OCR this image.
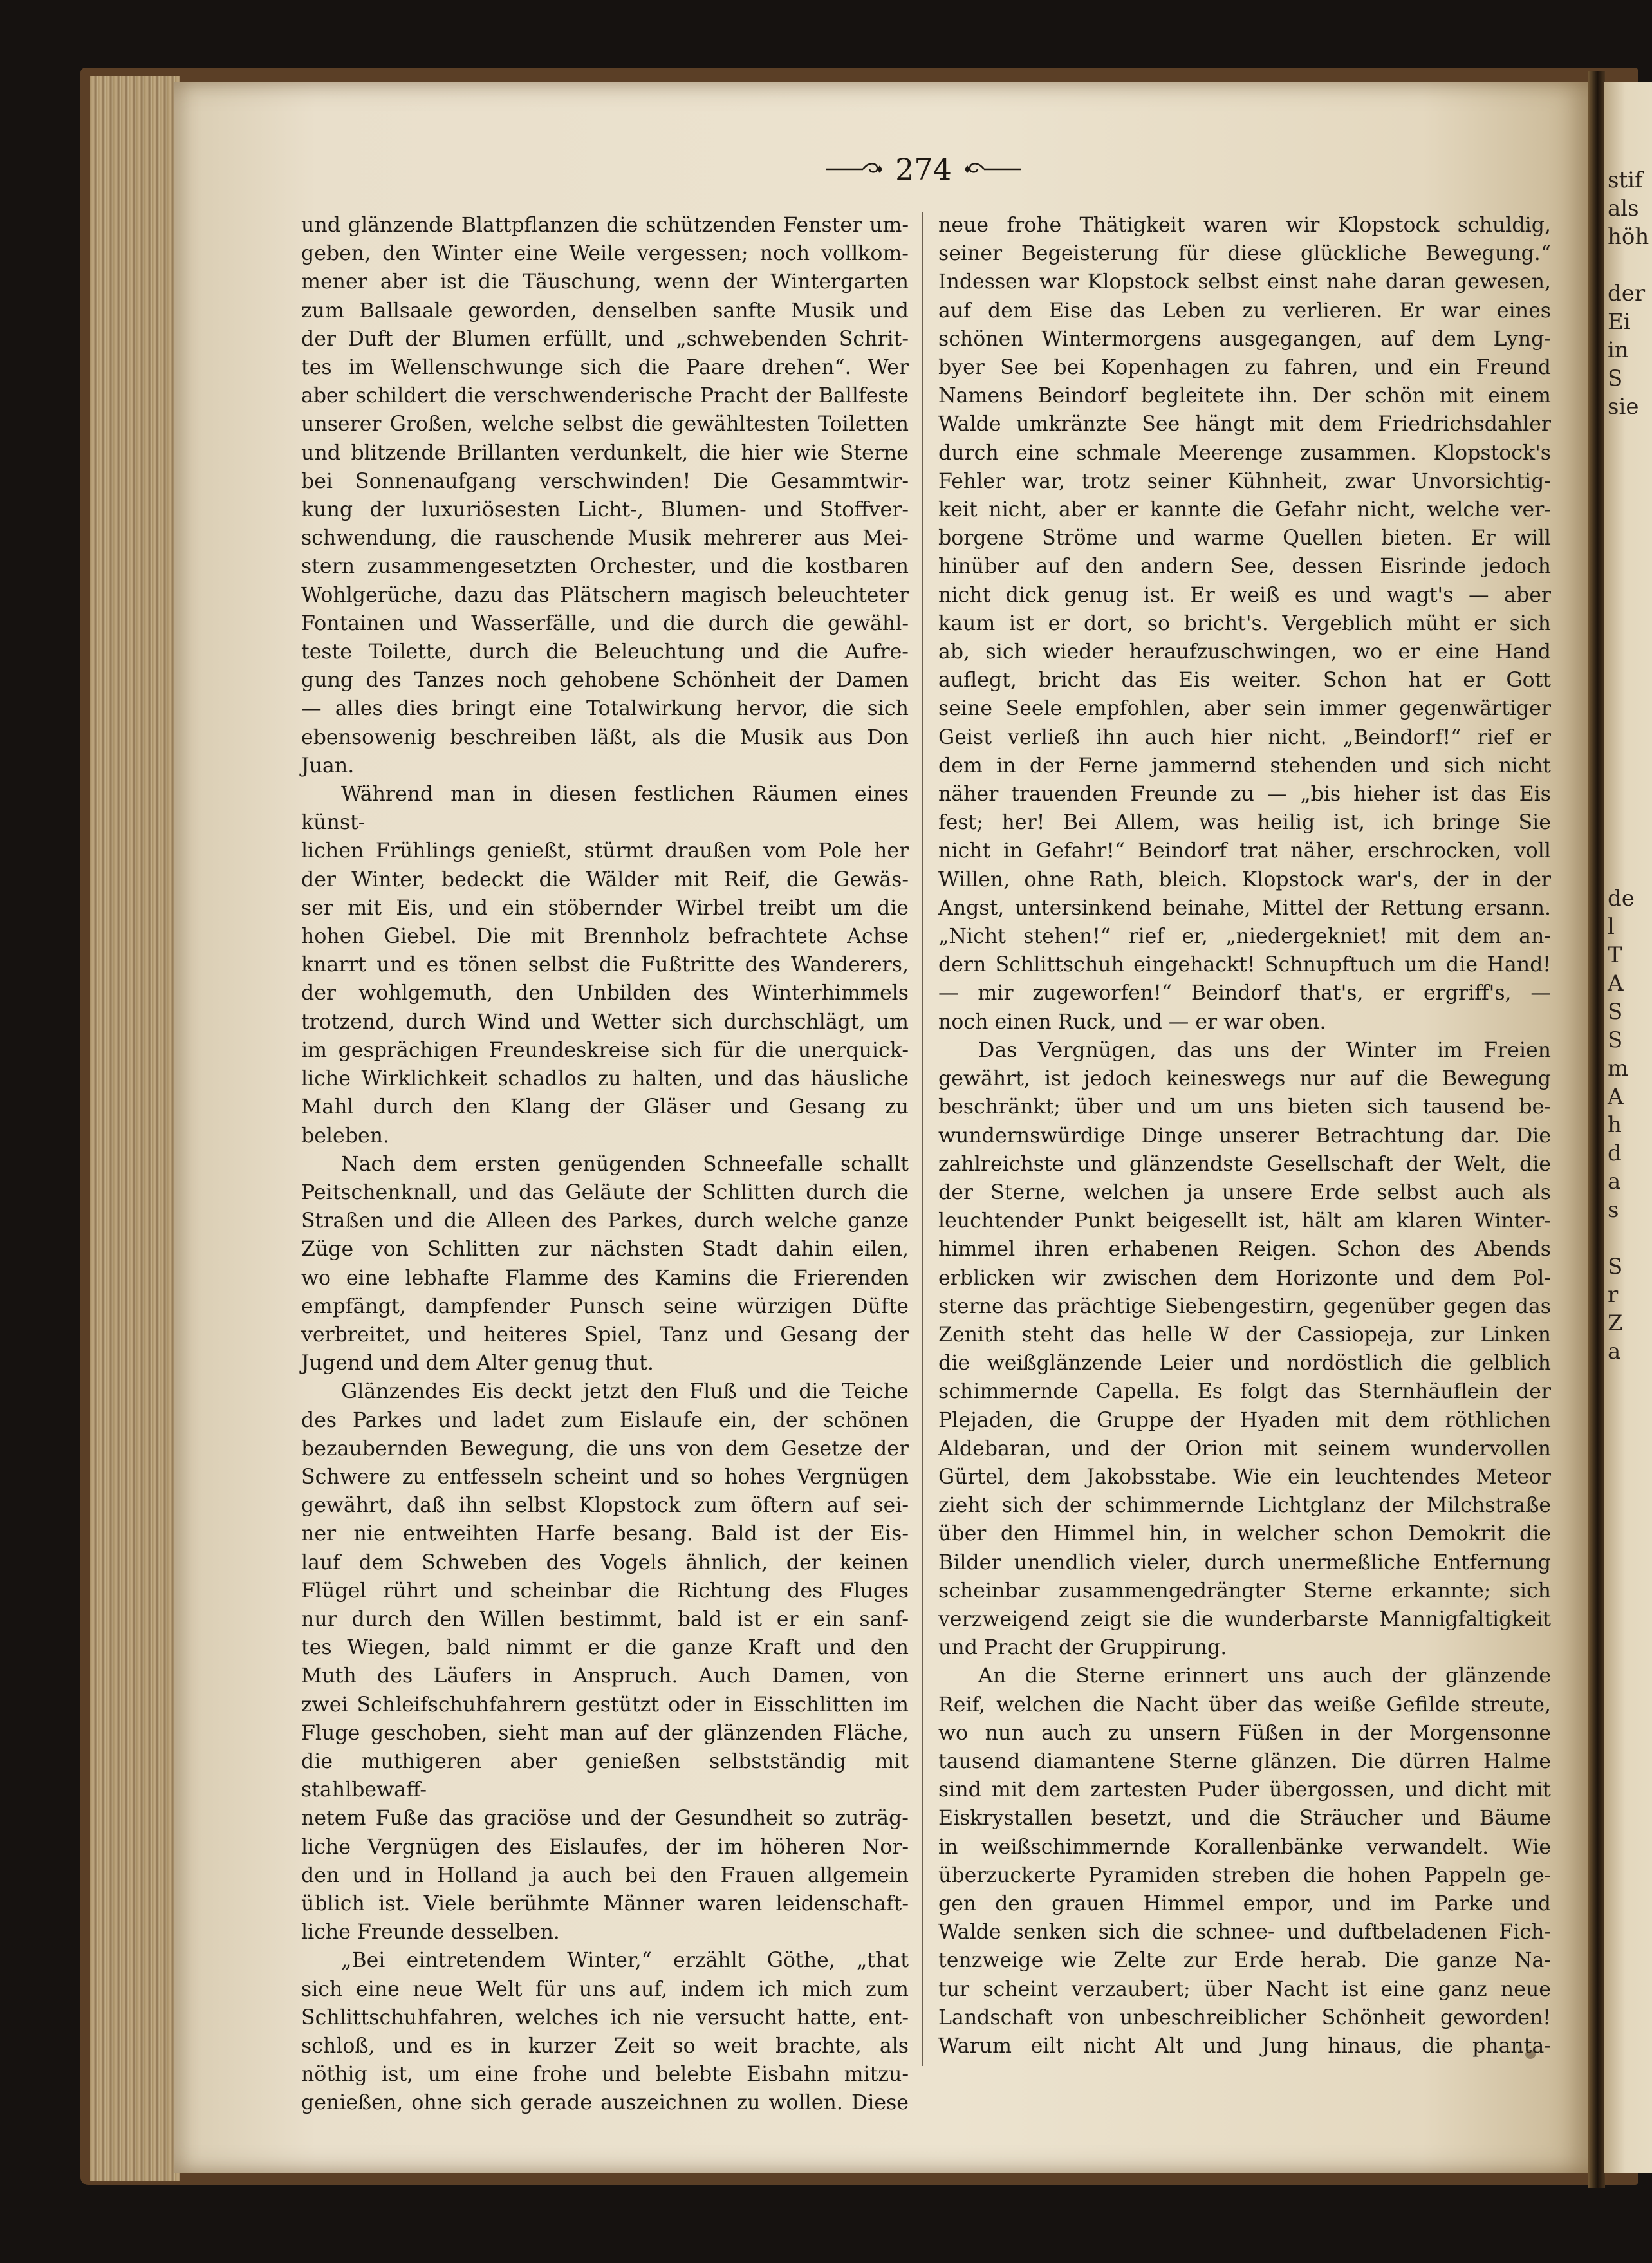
stif
als
höh

der
Ei
in
S
sie
de
l
T
A
S
S
m
A
h
d
a
s

S
r
Z
a
274

und glänzende Blattpflanzen die schützenden Fenster um-

geben, den Winter eine Weile vergessen; noch vollkom-

mener aber ist die Täuschung, wenn der Wintergarten

zum Ballsaale geworden, denselben sanfte Musik und

der Duft der Blumen erfüllt, und „schwebenden Schrit-

tes im Wellenschwunge sich die Paare drehen“. Wer

aber schildert die verschwenderische Pracht der Ballfeste

unserer Großen, welche selbst die gewähltesten Toiletten

und blitzende Brillanten verdunkelt, die hier wie Sterne

bei Sonnenaufgang verschwinden! Die Gesammtwir-

kung der luxuriösesten Licht-, Blumen- und Stoffver-

schwendung, die rauschende Musik mehrerer aus Mei-

stern zusammengesetzten Orchester, und die kostbaren

Wohlgerüche, dazu das Plätschern magisch beleuchteter

Fontainen und Wasserfälle, und die durch die gewähl-

teste Toilette, durch die Beleuchtung und die Aufre-

gung des Tanzes noch gehobene Schönheit der Damen

— alles dies bringt eine Totalwirkung hervor, die sich

ebensowenig beschreiben läßt, als die Musik aus Don

Juan.

Während man in diesen festlichen Räumen eines künst-

lichen Frühlings genießt, stürmt draußen vom Pole her

der Winter, bedeckt die Wälder mit Reif, die Gewäs-

ser mit Eis, und ein stöbernder Wirbel treibt um die

hohen Giebel. Die mit Brennholz befrachtete Achse

knarrt und es tönen selbst die Fußtritte des Wanderers,

der wohlgemuth, den Unbilden des Winterhimmels

trotzend, durch Wind und Wetter sich durchschlägt, um

im gesprächigen Freundeskreise sich für die unerquick-

liche Wirklichkeit schadlos zu halten, und das häusliche

Mahl durch den Klang der Gläser und Gesang zu

beleben.

Nach dem ersten genügenden Schneefalle schallt

Peitschenknall, und das Geläute der Schlitten durch die

Straßen und die Alleen des Parkes, durch welche ganze

Züge von Schlitten zur nächsten Stadt dahin eilen,

wo eine lebhafte Flamme des Kamins die Frierenden

empfängt, dampfender Punsch seine würzigen Düfte

verbreitet, und heiteres Spiel, Tanz und Gesang der

Jugend und dem Alter genug thut.

Glänzendes Eis deckt jetzt den Fluß und die Teiche

des Parkes und ladet zum Eislaufe ein, der schönen

bezaubernden Bewegung, die uns von dem Gesetze der

Schwere zu entfesseln scheint und so hohes Vergnügen

gewährt, daß ihn selbst Klopstock zum öftern auf sei-

ner nie entweihten Harfe besang. Bald ist der Eis-

lauf dem Schweben des Vogels ähnlich, der keinen

Flügel rührt und scheinbar die Richtung des Fluges

nur durch den Willen bestimmt, bald ist er ein sanf-

tes Wiegen, bald nimmt er die ganze Kraft und den

Muth des Läufers in Anspruch. Auch Damen, von

zwei Schleifschuhfahrern gestützt oder in Eisschlitten im

Fluge geschoben, sieht man auf der glänzenden Fläche,

die muthigeren aber genießen selbstständig mit stahlbewaff-

netem Fuße das graciöse und der Gesundheit so zuträg-

liche Vergnügen des Eislaufes, der im höheren Nor-

den und in Holland ja auch bei den Frauen allgemein

üblich ist. Viele berühmte Männer waren leidenschaft-

liche Freunde desselben.

„Bei eintretendem Winter,“ erzählt Göthe, „that

sich eine neue Welt für uns auf, indem ich mich zum

Schlittschuhfahren, welches ich nie versucht hatte, ent-

schloß, und es in kurzer Zeit so weit brachte, als

nöthig ist, um eine frohe und belebte Eisbahn mitzu-

genießen, ohne sich gerade auszeichnen zu wollen. Diese

neue frohe Thätigkeit waren wir Klopstock schuldig,

seiner Begeisterung für diese glückliche Bewegung.“

Indessen war Klopstock selbst einst nahe daran gewesen,

auf dem Eise das Leben zu verlieren. Er war eines

schönen Wintermorgens ausgegangen, auf dem Lyng-

byer See bei Kopenhagen zu fahren, und ein Freund

Namens Beindorf begleitete ihn. Der schön mit einem

Walde umkränzte See hängt mit dem Friedrichsdahler

durch eine schmale Meerenge zusammen. Klopstock's

Fehler war, trotz seiner Kühnheit, zwar Unvorsichtig-

keit nicht, aber er kannte die Gefahr nicht, welche ver-

borgene Ströme und warme Quellen bieten. Er will

hinüber auf den andern See, dessen Eisrinde jedoch

nicht dick genug ist. Er weiß es und wagt's — aber

kaum ist er dort, so bricht's. Vergeblich müht er sich

ab, sich wieder heraufzuschwingen, wo er eine Hand

auflegt, bricht das Eis weiter. Schon hat er Gott

seine Seele empfohlen, aber sein immer gegenwärtiger

Geist verließ ihn auch hier nicht. „Beindorf!“ rief er

dem in der Ferne jammernd stehenden und sich nicht

näher trauenden Freunde zu — „bis hieher ist das Eis

fest; her! Bei Allem, was heilig ist, ich bringe Sie

nicht in Gefahr!“ Beindorf trat näher, erschrocken, voll

Willen, ohne Rath, bleich. Klopstock war's, der in der

Angst, untersinkend beinahe, Mittel der Rettung ersann.

„Nicht stehen!“ rief er, „niedergekniet! mit dem an-

dern Schlittschuh eingehackt! Schnupftuch um die Hand!

— mir zugeworfen!“ Beindorf that's, er ergriff's, —

noch einen Ruck, und — er war oben.

Das Vergnügen, das uns der Winter im Freien

gewährt, ist jedoch keineswegs nur auf die Bewegung

beschränkt; über und um uns bieten sich tausend be-

wundernswürdige Dinge unserer Betrachtung dar. Die

zahlreichste und glänzendste Gesellschaft der Welt, die

der Sterne, welchen ja unsere Erde selbst auch als

leuchtender Punkt beigesellt ist, hält am klaren Winter-

himmel ihren erhabenen Reigen. Schon des Abends

erblicken wir zwischen dem Horizonte und dem Pol-

sterne das prächtige Siebengestirn, gegenüber gegen das

Zenith steht das helle W der Cassiopeja, zur Linken

die weißglänzende Leier und nordöstlich die gelblich

schimmernde Capella. Es folgt das Sternhäuflein der

Plejaden, die Gruppe der Hyaden mit dem röthlichen

Aldebaran, und der Orion mit seinem wundervollen

Gürtel, dem Jakobsstabe. Wie ein leuchtendes Meteor

zieht sich der schimmernde Lichtglanz der Milchstraße

über den Himmel hin, in welcher schon Demokrit die

Bilder unendlich vieler, durch unermeßliche Entfernung

scheinbar zusammengedrängter Sterne erkannte; sich

verzweigend zeigt sie die wunderbarste Mannigfaltigkeit

und Pracht der Gruppirung.

An die Sterne erinnert uns auch der glänzende

Reif, welchen die Nacht über das weiße Gefilde streute,

wo nun auch zu unsern Füßen in der Morgensonne

tausend diamantene Sterne glänzen. Die dürren Halme

sind mit dem zartesten Puder übergossen, und dicht mit

Eiskrystallen besetzt, und die Sträucher und Bäume

in weißschimmernde Korallenbänke verwandelt. Wie

überzuckerte Pyramiden streben die hohen Pappeln ge-

gen den grauen Himmel empor, und im Parke und

Walde senken sich die schnee- und duftbeladenen Fich-

tenzweige wie Zelte zur Erde herab. Die ganze Na-

tur scheint verzaubert; über Nacht ist eine ganz neue

Landschaft von unbeschreiblicher Schönheit geworden!

Warum eilt nicht Alt und Jung hinaus, die phanta-
